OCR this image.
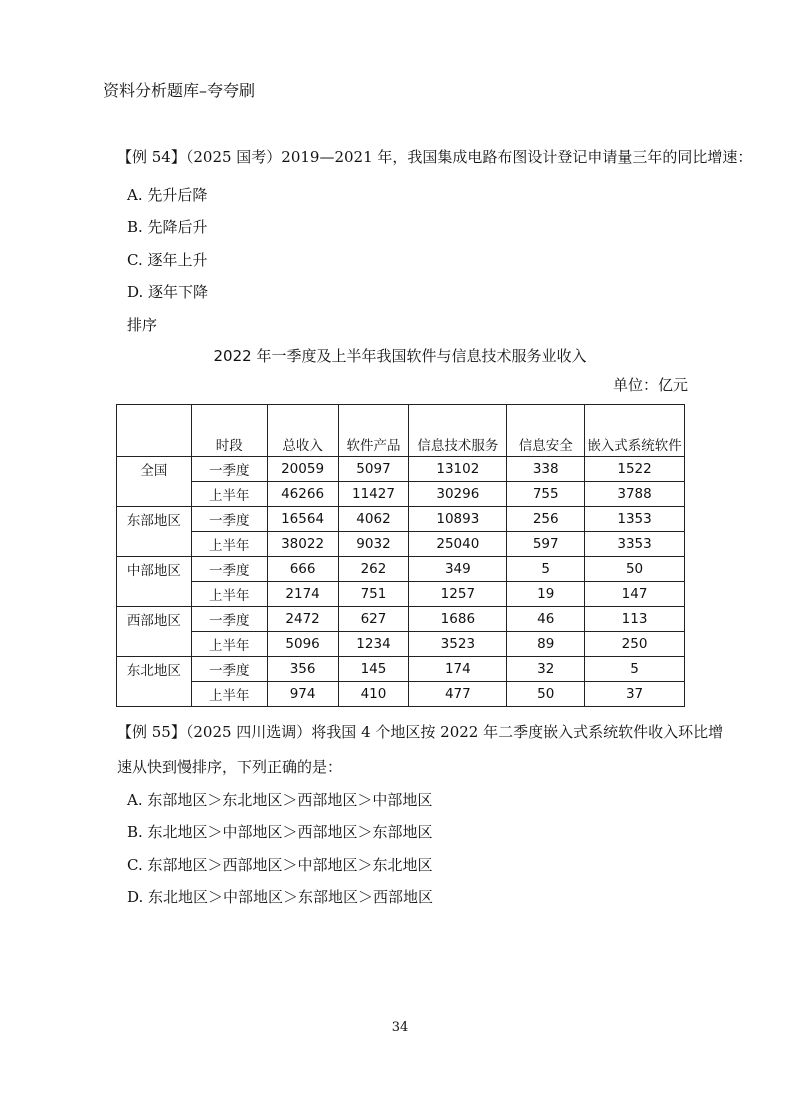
资料分析题库–夸夸刷
【例 54】（2025 国考）2019—2021 年，我国集成电路布图设计登记申请量三年的同比增速：
A. 先升后降
B. 先降后升
C. 逐年上升
D. 逐年下降
排序
2022 年一季度及上半年我国软件与信息技术服务业收入
单位：亿元
	时段	总收入	软件产品	信息技术服务	信息安全	嵌入式系统软件
全国	一季度	20059	5097	13102	338	1522
	上半年	46266	11427	30296	755	3788
东部地区	一季度	16564	4062	10893	256	1353
	上半年	38022	9032	25040	597	3353
中部地区	一季度	666	262	349	5	50
	上半年	2174	751	1257	19	147
西部地区	一季度	2472	627	1686	46	113
	上半年	5096	1234	3523	89	250
东北地区	一季度	356	145	174	32	5
	上半年	974	410	477	50	37
【例 55】（2025 四川选调）将我国 4 个地区按 2022 年二季度嵌入式系统软件收入环比增
速从快到慢排序，下列正确的是：
A. 东部地区＞东北地区＞西部地区＞中部地区
B. 东北地区＞中部地区＞西部地区＞东部地区
C. 东部地区＞西部地区＞中部地区＞东北地区
D. 东北地区＞中部地区＞东部地区＞西部地区
34
